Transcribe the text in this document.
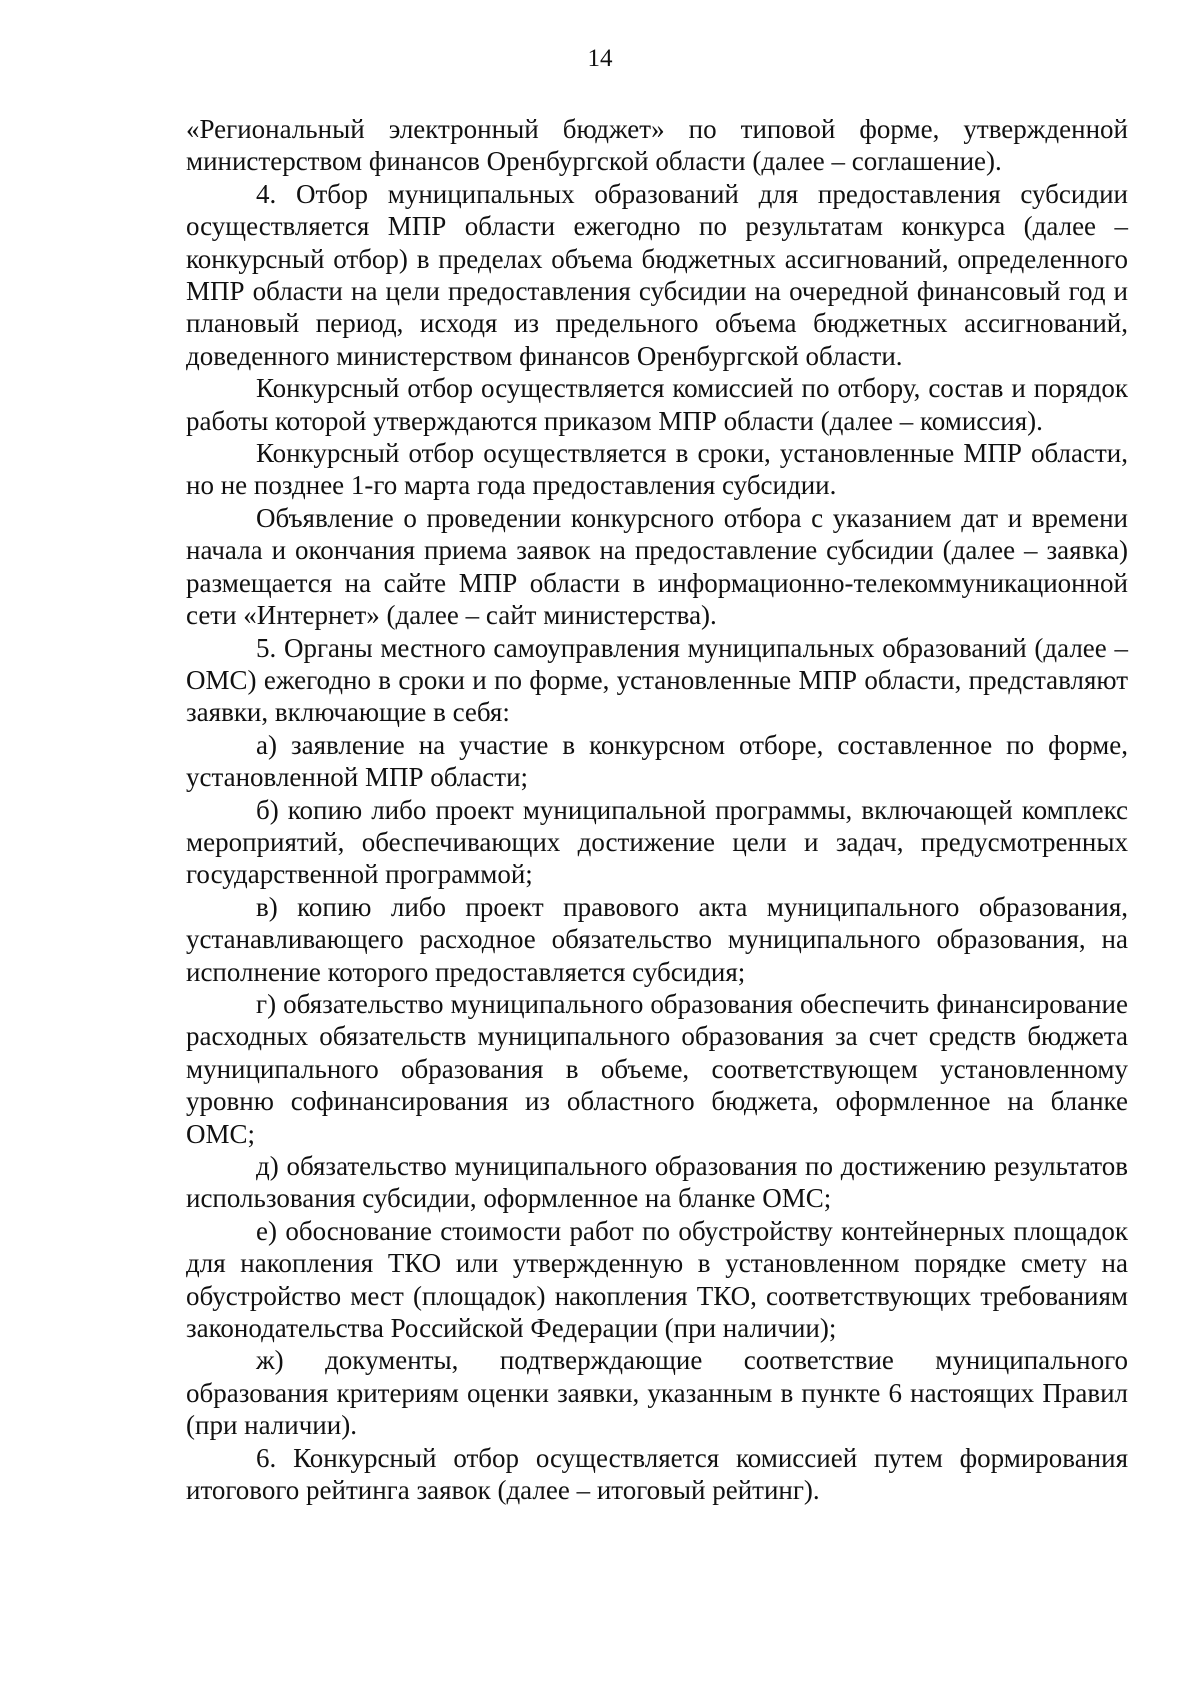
14

«Региональный электронный бюджет» по типовой форме, утвержденной министерством финансов Оренбургской области (далее – соглашение).

4. Отбор муниципальных образований для предоставления субсидии осуществляется МПР области ежегодно по результатам конкурса (далее – конкурсный отбор) в пределах объема бюджетных ассигнований, определенного МПР области на цели предоставления субсидии на очередной финансовый год и плановый период, исходя из предельного объема бюджетных ассигнований, доведенного министерством финансов Оренбургской области.

Конкурсный отбор осуществляется комиссией по отбору, состав и порядок работы которой утверждаются приказом МПР области (далее – комиссия).

Конкурсный отбор осуществляется в сроки, установленные МПР области, но не позднее 1-го марта года предоставления субсидии.

Объявление о проведении конкурсного отбора с указанием дат и времени начала и окончания приема заявок на предоставление субсидии (далее – заявка) размещается на сайте МПР области в информационно-телекоммуникационной сети «Интернет» (далее – сайт министерства).

5. Органы местного самоуправления муниципальных образований (далее – ОМС) ежегодно в сроки и по форме, установленные МПР области, представляют заявки, включающие в себя:

а) заявление на участие в конкурсном отборе, составленное по форме, установленной МПР области;

б) копию либо проект муниципальной программы, включающей комплекс мероприятий, обеспечивающих достижение цели и задач, предусмотренных государственной программой;

в) копию либо проект правового акта муниципального образования, устанавливающего расходное обязательство муниципального образования, на исполнение которого предоставляется субсидия;

г) обязательство муниципального образования обеспечить финансирование расходных обязательств муниципального образования за счет средств бюджета муниципального образования в объеме, соответствующем установленному уровню софинансирования из областного бюджета, оформленное на бланке ОМС;

д) обязательство муниципального образования по достижению результатов использования субсидии, оформленное на бланке ОМС;

е) обоснование стоимости работ по обустройству контейнерных площадок для накопления ТКО или утвержденную в установленном порядке смету на обустройство мест (площадок) накопления ТКО, соответствующих требованиям законодательства Российской Федерации (при наличии);

ж) документы, подтверждающие соответствие муниципального образования критериям оценки заявки, указанным в пункте 6 настоящих Правил (при наличии).

6. Конкурсный отбор осуществляется комиссией путем формирования итогового рейтинга заявок (далее – итоговый рейтинг).
